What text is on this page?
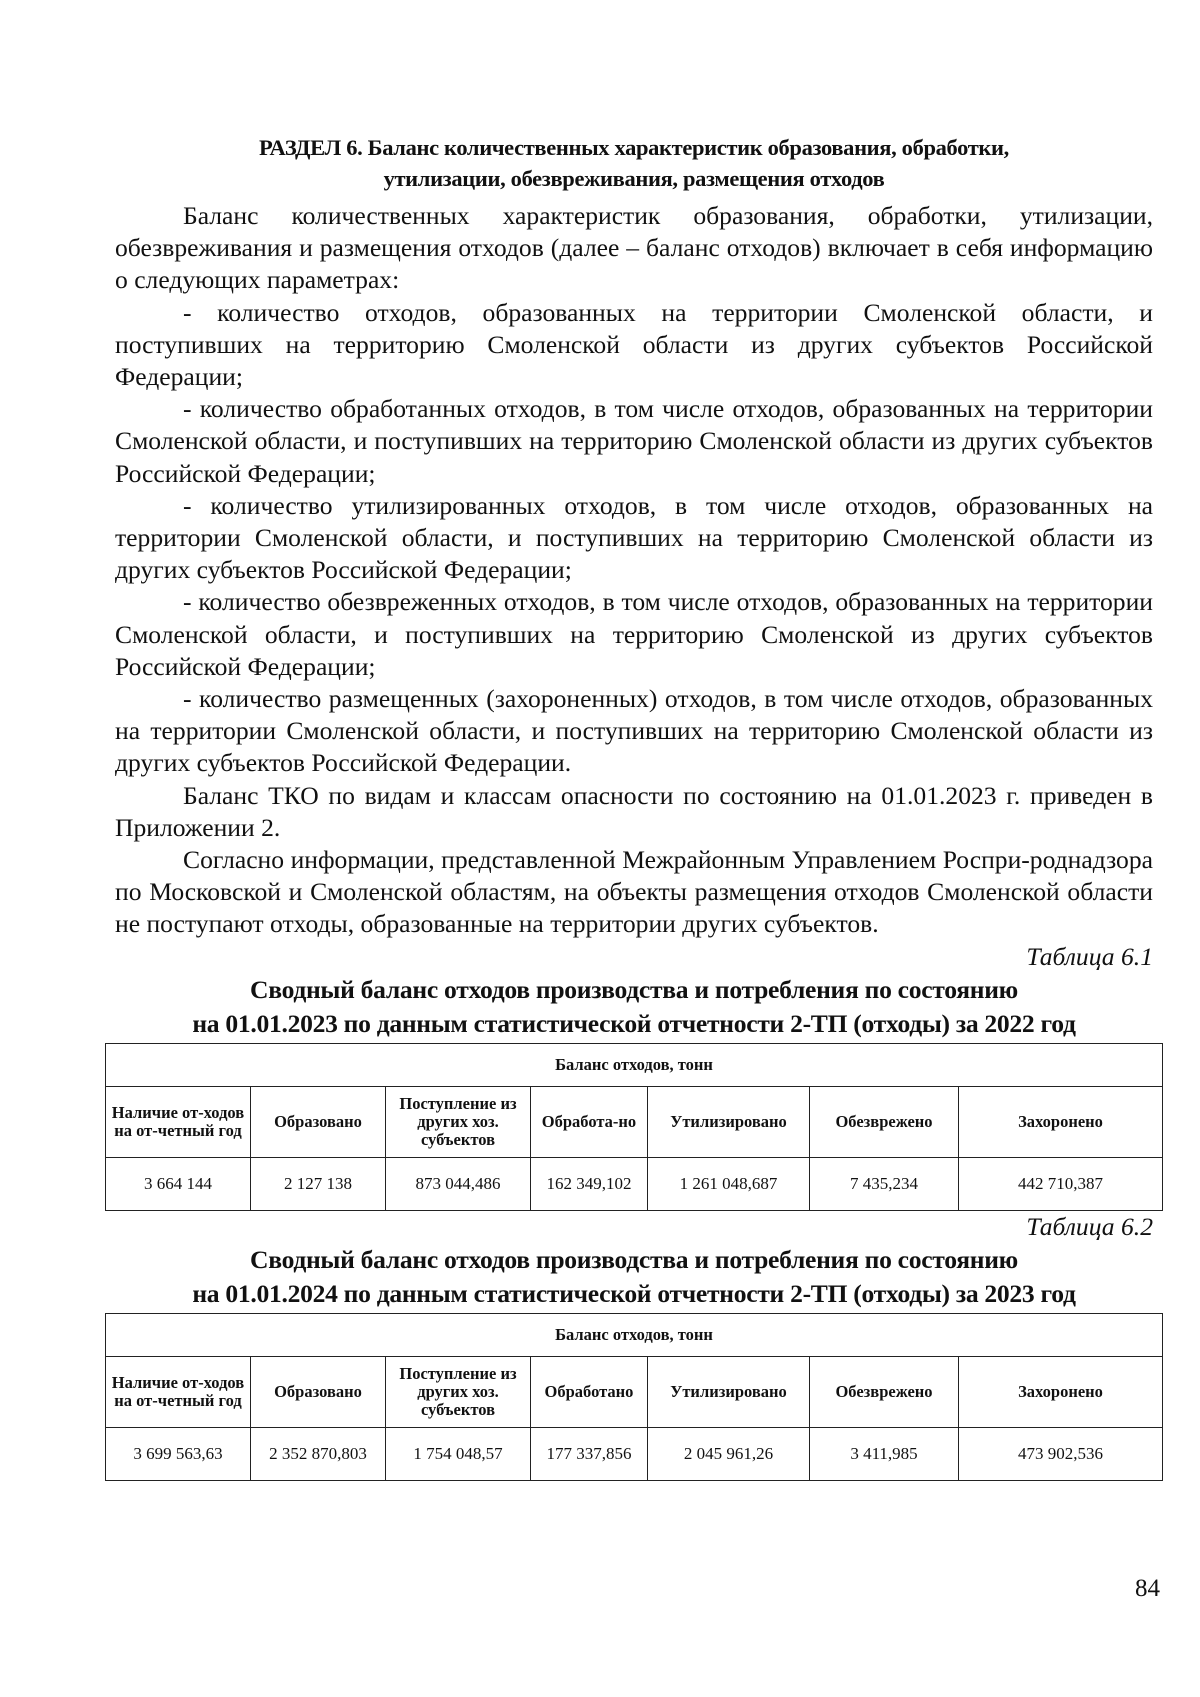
РАЗДЕЛ 6. Баланс количественных характеристик образования, обработки,
утилизации, обезвреживания, размещения отходов

Баланс количественных характеристик образования, обработки, утилизации, обезвреживания и размещения отходов (далее – баланс отходов) включает в себя информацию о следующих параметрах:

- количество отходов, образованных на территории Смоленской области, и поступивших на территорию Смоленской области из других субъектов Российской Федерации;

- количество обработанных отходов, в том числе отходов, образованных на территории Смоленской области, и поступивших на территорию Смоленской области из других субъектов Российской Федерации;

- количество утилизированных отходов, в том числе отходов, образованных на территории Смоленской области, и поступивших на территорию Смоленской области из других субъектов Российской Федерации;

- количество обезвреженных отходов, в том числе отходов, образованных на территории Смоленской области, и поступивших на территорию Смоленской из других субъектов Российской Федерации;

- количество размещенных (захороненных) отходов, в том числе отходов, образованных на территории Смоленской области, и поступивших на территорию Смоленской области из других субъектов Российской Федерации.

Баланс ТКО по видам и классам опасности по состоянию на 01.01.2023 г. приведен в Приложении 2.

Согласно информации, представленной Межрайонным Управлением Роспри-роднадзора по Московской и Смоленской областям, на объекты размещения отходов Смоленской области не поступают отходы, образованные на территории других субъектов.

Таблица 6.1

Сводный баланс отходов производства и потребления по состоянию
на 01.01.2023 по данным статистической отчетности 2-ТП (отходы) за 2022 год

Баланс отходов, тонн						
Наличие от-ходов на от-четный год	Образовано	Поступление из других хоз. субъектов	Обработа-но	Утилизировано	Обезврежено	Захоронено
3 664 144	2 127 138	873 044,486	162 349,102	1 261 048,687	7 435,234	442 710,387

Таблица 6.2

Сводный баланс отходов производства и потребления по состоянию
на 01.01.2024 по данным статистической отчетности 2-ТП (отходы) за 2023 год

Баланс отходов, тонн						
Наличие от-ходов на от-четный год	Образовано	Поступление из других хоз. субъектов	Обработано	Утилизировано	Обезврежено	Захоронено
3 699 563,63	2 352 870,803	1 754 048,57	177 337,856	2 045 961,26	3 411,985	473 902,536
84
